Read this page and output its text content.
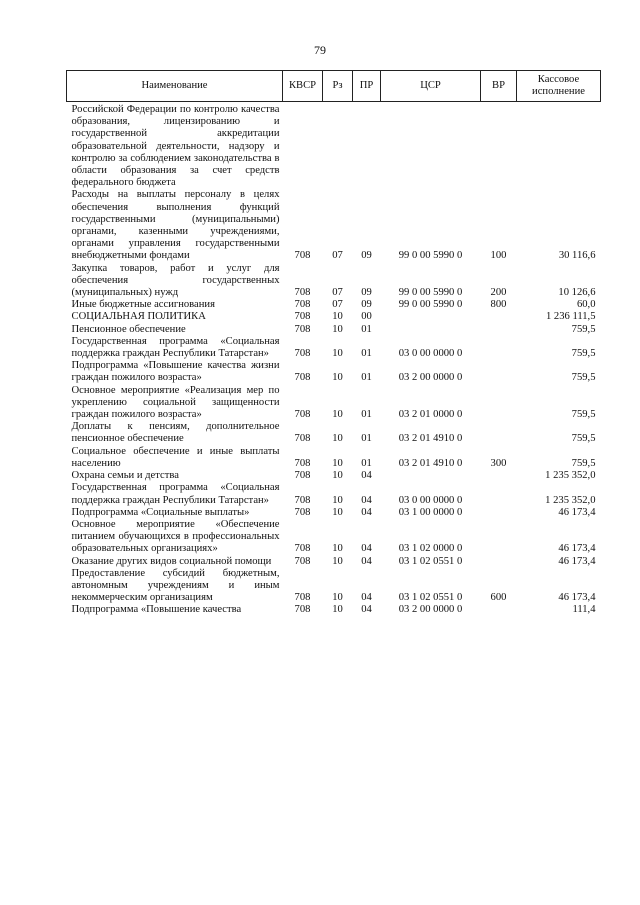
79
Наименование	КВСР	Рз	ПР	ЦСР	ВР	Кассовое исполнение
Российской Федерации по контролю качества образования, лицензированию и государственной аккредитации образовательной деятельности, надзору и контролю за соблюдением законодательства в области образования за счет средств федерального бюджета						
Расходы на выплаты персоналу в целях обеспечения выполнения функций государственными (муниципальными) органами, казенными учреждениями, органами управления государственными внебюджетными фондами	708	07	09	99 0 00 5990 0	100	30 116,6
Закупка товаров, работ и услуг для обеспечения государственных (муниципальных) нужд	708	07	09	99 0 00 5990 0	200	10 126,6
Иные бюджетные ассигнования	708	07	09	99 0 00 5990 0	800	60,0
СОЦИАЛЬНАЯ ПОЛИТИКА	708	10	00			1 236 111,5
Пенсионное обеспечение	708	10	01			759,5
Государственная программа «Социальная поддержка граждан Республики Татарстан»	708	10	01	03 0 00 0000 0		759,5
Подпрограмма «Повышение качества жизни граждан пожилого возраста»	708	10	01	03 2 00 0000 0		759,5
Основное мероприятие «Реализация мер по укреплению социальной защищенности граждан пожилого возраста»	708	10	01	03 2 01 0000 0		759,5
Доплаты к пенсиям, дополнительное пенсионное обеспечение	708	10	01	03 2 01 4910 0		759,5
Социальное обеспечение и иные выплаты населению	708	10	01	03 2 01 4910 0	300	759,5
Охрана семьи и детства	708	10	04			1 235 352,0
Государственная программа «Социальная поддержка граждан Республики Татарстан»	708	10	04	03 0 00 0000 0		1 235 352,0
Подпрограмма «Социальные выплаты»	708	10	04	03 1 00 0000 0		46 173,4
Основное мероприятие «Обеспечение питанием обучающихся в профессиональных образовательных организациях»	708	10	04	03 1 02 0000 0		46 173,4
Оказание других видов социальной помощи	708	10	04	03 1 02 0551 0		46 173,4
Предоставление субсидий бюджетным, автономным учреждениям и иным некоммерческим организациям	708	10	04	03 1 02 0551 0	600	46 173,4
Подпрограмма «Повышение качества	708	10	04	03 2 00 0000 0		111,4
